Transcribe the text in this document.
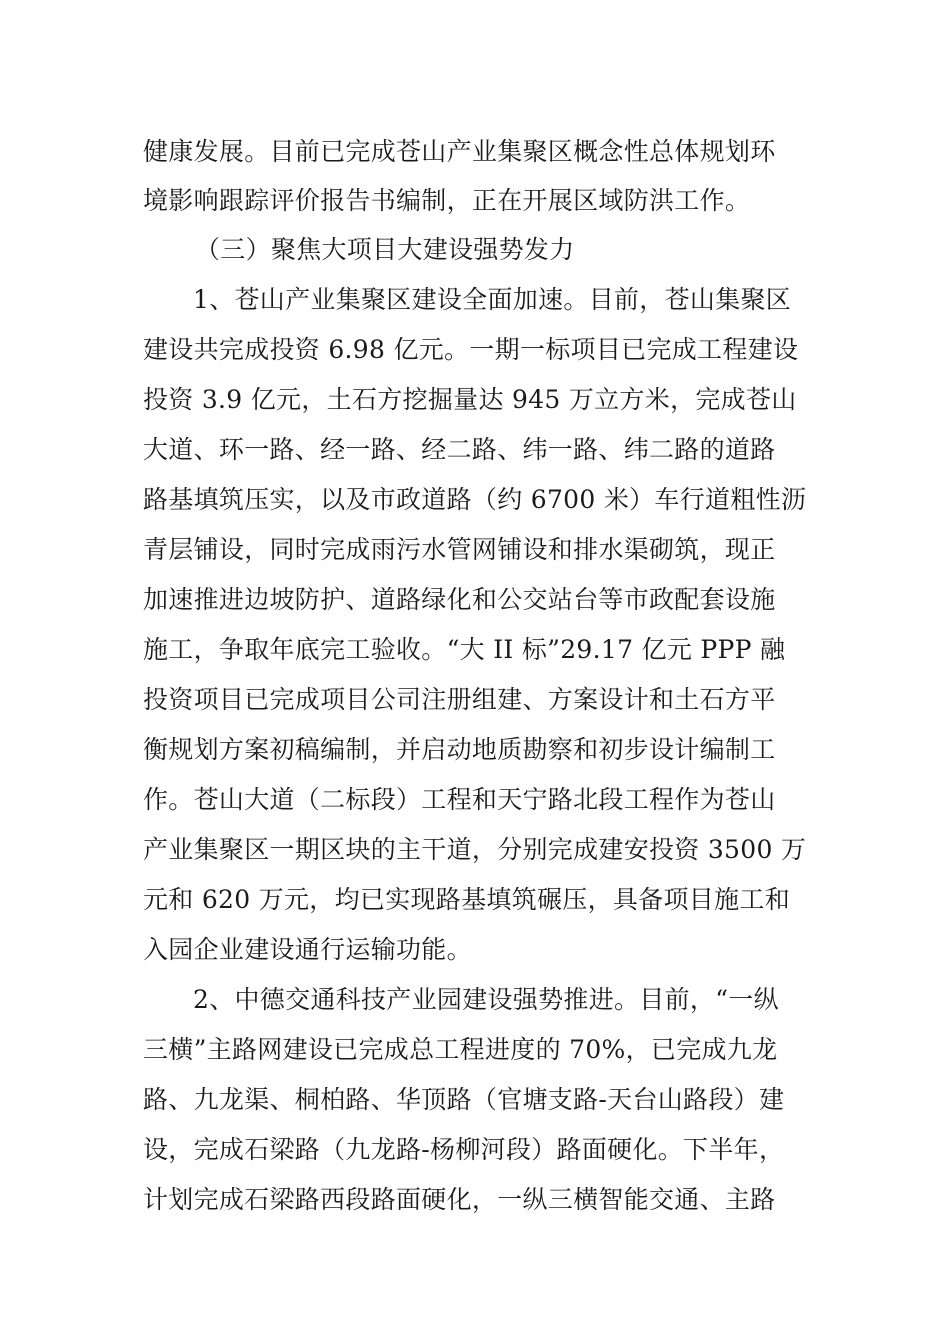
健康发展。目前已完成苍山产业集聚区概念性总体规划环
境影响跟踪评价报告书编制，正在开展区域防洪工作。
（三）聚焦大项目大建设强势发力
1、苍山产业集聚区建设全面加速。目前，苍山集聚区
建设共完成投资 6.98 亿元。一期一标项目已完成工程建设
投资 3.9 亿元，土石方挖掘量达 945 万立方米，完成苍山
大道、环一路、经一路、经二路、纬一路、纬二路的道路
路基填筑压实，以及市政道路（约 6700 米）车行道粗性沥
青层铺设，同时完成雨污水管网铺设和排水渠砌筑，现正
加速推进边坡防护、道路绿化和公交站台等市政配套设施
施工，争取年底完工验收。“大 II 标”29.17 亿元 PPP 融
投资项目已完成项目公司注册组建、方案设计和土石方平
衡规划方案初稿编制，并启动地质勘察和初步设计编制工
作。苍山大道（二标段）工程和天宁路北段工程作为苍山
产业集聚区一期区块的主干道，分别完成建安投资 3500 万
元和 620 万元，均已实现路基填筑碾压，具备项目施工和
入园企业建设通行运输功能。
2、中德交通科技产业园建设强势推进。目前，“一纵
三横”主路网建设已完成总工程进度的 70%，已完成九龙
路、九龙渠、桐柏路、华顶路（官塘支路-天台山路段）建
设，完成石梁路（九龙路-杨柳河段）路面硬化。下半年，
计划完成石梁路西段路面硬化，一纵三横智能交通、主路
